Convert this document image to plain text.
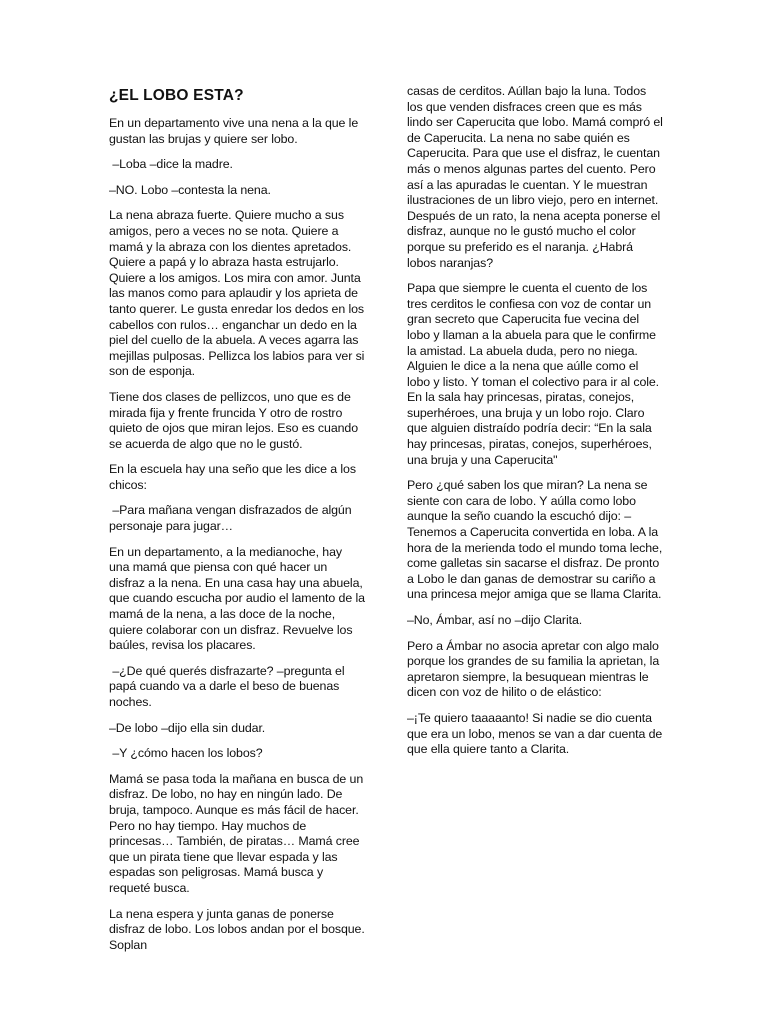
¿EL LOBO ESTA?

En un departamento vive una nena a la que le gustan las brujas y quiere ser lobo.

–Loba –dice la madre.

–NO. Lobo –contesta la nena.

La nena abraza fuerte. Quiere mucho a sus amigos, pero a veces no se nota. Quiere a mamá y la abraza con los dientes apretados. Quiere a papá y lo abraza hasta estrujarlo. Quiere a los amigos. Los mira con amor. Junta las manos como para aplaudir y los aprieta de tanto querer. Le gusta enredar los dedos en los cabellos con rulos… enganchar un dedo en la piel del cuello de la abuela. A veces agarra las mejillas pulposas. Pellizca los labios para ver si son de esponja.

Tiene dos clases de pellizcos, uno que es de mirada fija y frente fruncida Y otro de rostro quieto de ojos que miran lejos. Eso es cuando se acuerda de algo que no le gustó.

En la escuela hay una seño que les dice a los chicos:

–Para mañana vengan disfrazados de algún personaje para jugar…

En un departamento, a la medianoche, hay una mamá que piensa con qué hacer un disfraz a la nena. En una casa hay una abuela, que cuando escucha por audio el lamento de la mamá de la nena, a las doce de la noche, quiere colaborar con un disfraz. Revuelve los baúles, revisa los placares.

–¿De qué querés disfrazarte? –pregunta el papá cuando va a darle el beso de buenas noches.

–De lobo –dijo ella sin dudar.

–Y ¿cómo hacen los lobos?

Mamá se pasa toda la mañana en busca de un disfraz. De lobo, no hay en ningún lado. De bruja, tampoco. Aunque es más fácil de hacer. Pero no hay tiempo. Hay muchos de princesas… También, de piratas… Mamá cree que un pirata tiene que llevar espada y las espadas son peligrosas. Mamá busca y requeté busca.

La nena espera y junta ganas de ponerse disfraz de lobo. Los lobos andan por el bosque. Soplan

casas de cerditos. Aúllan bajo la luna. Todos los que venden disfraces creen que es más lindo ser Caperucita que lobo. Mamá compró el de Caperucita. La nena no sabe quién es Caperucita. Para que use el disfraz, le cuentan más o menos algunas partes del cuento. Pero así a las apuradas le cuentan. Y le muestran ilustraciones de un libro viejo, pero en internet. Después de un rato, la nena acepta ponerse el disfraz, aunque no le gustó mucho el color porque su preferido es el naranja. ¿Habrá lobos naranjas?

Papa que siempre le cuenta el cuento de los tres cerditos le confiesa con voz de contar un gran secreto que Caperucita fue vecina del lobo y llaman a la abuela para que le confirme la amistad. La abuela duda, pero no niega. Alguien le dice a la nena que aúlle como el lobo y listo. Y toman el colectivo para ir al cole. En la sala hay princesas, piratas, conejos, superhéroes, una bruja y un lobo rojo. Claro que alguien distraído podría decir: “En la sala hay princesas, piratas, conejos, superhéroes, una bruja y una Caperucita"

Pero ¿qué saben los que miran? La nena se siente con cara de lobo. Y aúlla como lobo aunque la seño cuando la escuchó dijo: –Tenemos a Caperucita convertida en loba. A la hora de la merienda todo el mundo toma leche, come galletas sin sacarse el disfraz. De pronto a Lobo le dan ganas de demostrar su cariño a una princesa mejor amiga que se llama Clarita.

–No, Ámbar, así no –dijo Clarita.

Pero a Ámbar no asocia apretar con algo malo porque los grandes de su familia la aprietan, la apretaron siempre, la besuquean mientras le dicen con voz de hilito o de elástico:

–¡Te quiero taaaaanto! Si nadie se dio cuenta que era un lobo, menos se van a dar cuenta de que ella quiere tanto a Clarita.
